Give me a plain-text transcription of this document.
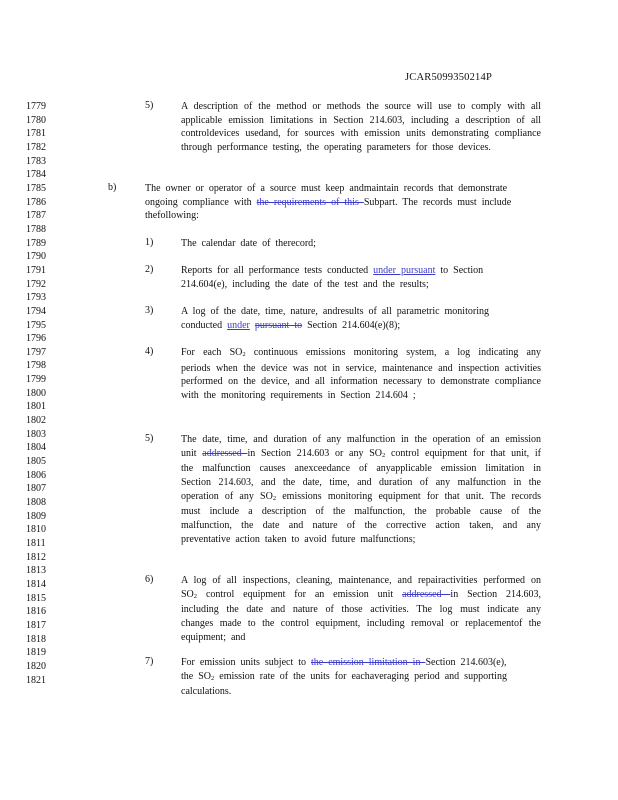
JCAR5099350214P
1779
1780
1781
1782
1783
1784
1785
1786
1787
1788
1789
1790
1791
1792
1793
1794
1795
1796
1797
1798
1799
1800
1801
1802
1803
1804
1805
1806
1807
1808
1809
1810
1811
1812
1813
1814
1815
1816
1817
1818
1819
1820
1821
5)	A description of the method or methods the source will use to comply with all applicable emission limitations in Section 214.603, including a description of all controldevices usedand, for sources with emission units demonstrating compliance through performance testing, the operating parameters for those devices.
b)	The owner or operator of a source must keep andmaintain records that demonstrate ongoing compliance with the requirements of this Subpart. The records must include thefollowing:
1)	The calendar date of therecord;
2)	Reports for all performance tests conducted under pursuant to Section 214.604(e), including the date of the test and the results;
3)	A log of the date, time, nature, andresults of all parametric monitoring conducted under pursuant to Section 214.604(e)(8);
4)	For each $SO_2$ continuous emissions monitoring system, a log indicating any periods when the device was not in service, maintenance and inspection activities performed on the device, and all information necessary to demonstrate compliance with the monitoring requirements in Section 214.604 ;
5)	The date, time, and duration of any malfunction in the operation of an emission unit addressed in Section 214.603 or any $SO_2$ control equipment for that unit, if the malfunction causes anexceedance of anyapplicable emission limitation in Section 214.603, and the date, time, and duration of any malfunction in the operation of any $SO_2$ emissions monitoring equipment for that unit. The records must include a description of the malfunction, the probable cause of the malfunction, the date and nature of the corrective action taken, and any preventative action taken to avoid future malfunctions;
6)	A log of all inspections, cleaning, maintenance, and repairactivities performed on $SO_2$ control equipment for an emission unit addressed in Section 214.603, including the date and nature of those activities. The log must indicate any changes made to the control equipment, including removal or replacementof the equipment; and
7)	For emission units subject to the emission limitation in Section 214.603(e), the $SO_2$ emission rate of the units for eachaveraging period and supporting calculations.
